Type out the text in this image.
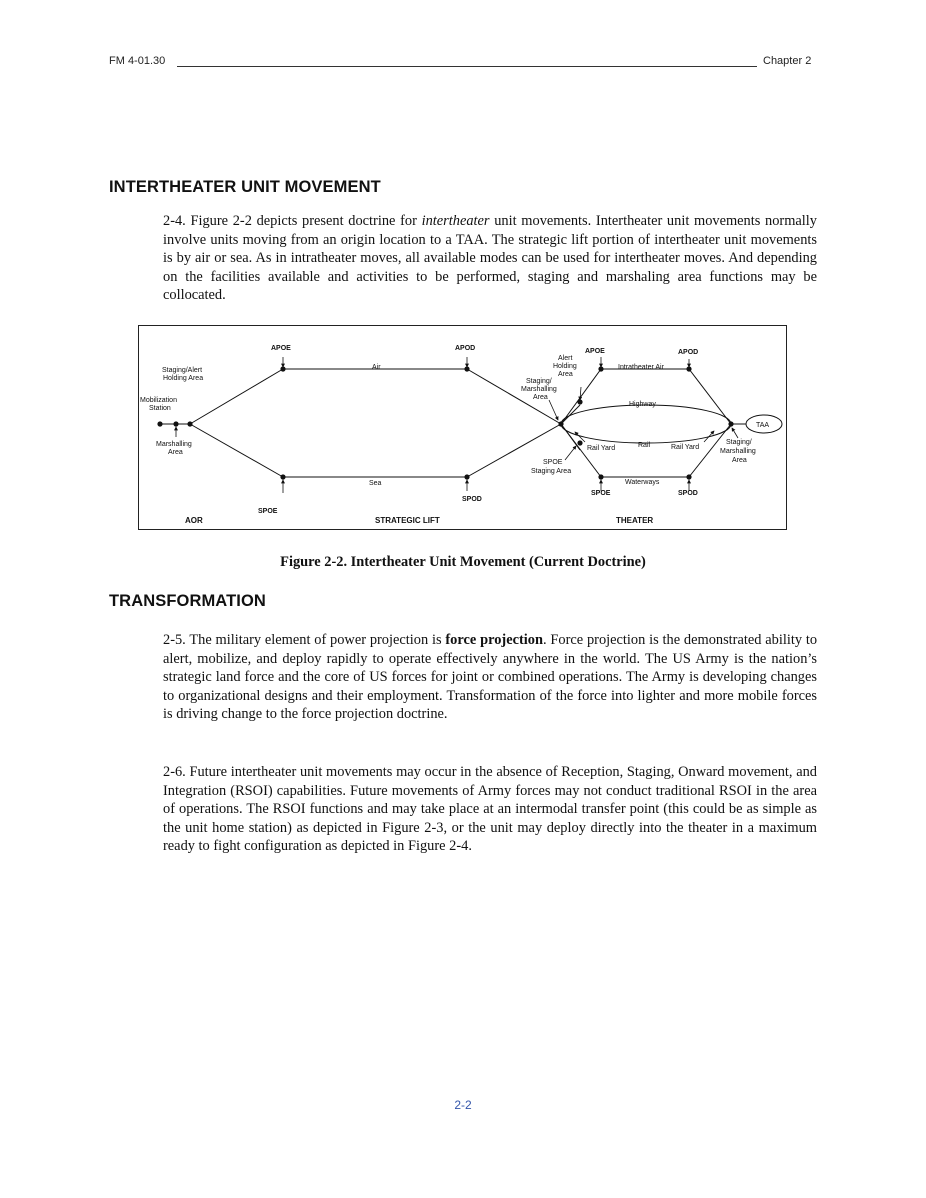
FM 4-01.30	Chapter 2
INTERTHEATER UNIT MOVEMENT

2-4. Figure 2-2 depicts present doctrine for intertheater unit movements. Intertheater unit movements normally involve units moving from an origin location to a TAA. The strategic lift portion of intertheater unit movements is by air or sea. As in intratheater moves, all available modes can be used for intertheater moves. And depending on the facilities available and activities to be performed, staging and marshaling area functions may be collocated.

APOE	APOD	APOE	APOD
Air
Sea
Staging/Alert
Holding Area
Mobilization
Station
Marshalling
Area
SPOE
SPOD
Alert
Holding
Area
Staging/
Marshalling
Area
Intratheater Air
Highway
Rail
Rail Yard	Rail Yard
SPOE
Staging Area
Waterways
SPOE	SPOD
TAA
Staging/
Marshalling
Area
AOR	STRATEGIC LIFT	THEATER
Figure 2-2. Intertheater Unit Movement (Current Doctrine)
TRANSFORMATION

2-5. The military element of power projection is force projection. Force projection is the demonstrated ability to alert, mobilize, and deploy rapidly to operate effectively anywhere in the world. The US Army is the nation’s strategic land force and the core of US forces for joint or combined operations. The Army is developing changes to organizational designs and their employment. Transformation of the force into lighter and more mobile forces is driving change to the force projection doctrine.

2-6. Future intertheater unit movements may occur in the absence of Reception, Staging, Onward movement, and Integration (RSOI) capabilities. Future movements of Army forces may not conduct traditional RSOI in the area of operations. The RSOI functions and may take place at an intermodal transfer point (this could be as simple as the unit home station) as depicted in Figure 2-3, or the unit may deploy directly into the theater in a maximum ready to fight configuration as depicted in Figure 2-4.

2-2
